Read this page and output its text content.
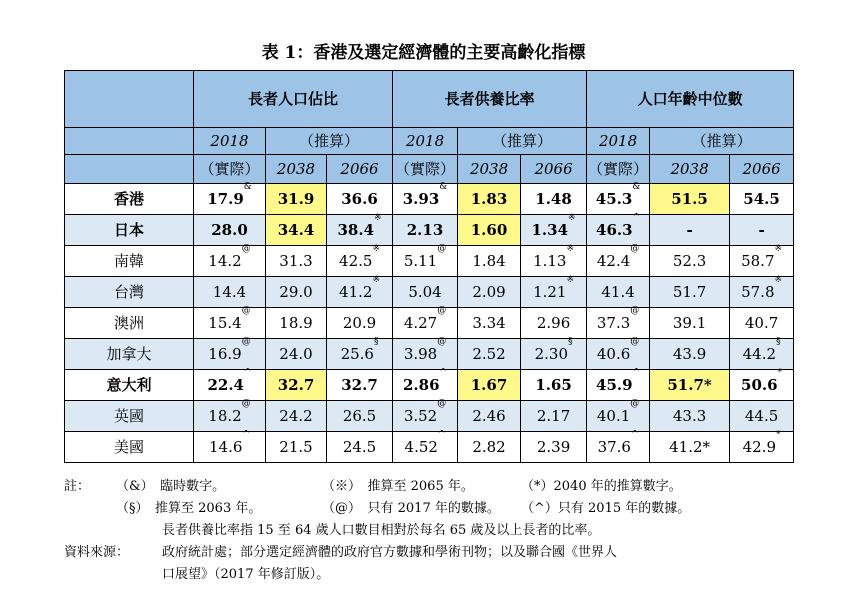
表 1：香港及選定經濟體的主要高齡化指標
	長者人口佔比			長者供養比率			人口年齡中位數		
	2018	（推算）		2018	（推算）		2018	（推算）	
	（實際）	2038	2066	（實際）	2038	2066	（實際）	2038	2066
香港	17.9&	31.9	36.6	3.93&	1.83	1.48	45.3&	51.5	54.5
日本	28.0	34.4	38.4※	2.13	1.60	1.34※	46.3^	-	-
南韓	14.2@	31.3	42.5※	5.11@	1.84	1.13※	42.4@	52.3	58.7※
台灣	14.4	29.0	41.2※	5.04	2.09	1.21※	41.4	51.7	57.8※
澳洲	15.4@	18.9	20.9	4.27@	3.34	2.96	37.3@	39.1	40.7
加拿大	16.9@	24.0	25.6§	3.98@	2.52	2.30§	40.6@	43.9	44.2§
意大利	22.4^	32.7	32.7	2.86^	1.67	1.65	45.9^	51.7*	50.6*
英國	18.2@	24.2	26.5	3.52@	2.46	2.17	40.1@	43.3	44.5
美國	14.6^	21.5	24.5	4.52^	2.82	2.39	37.6^	41.2*	42.9*
註： （&）　臨時數字。	（※）　推算至 2065 年。	（*）2040 年的推算數字。
（§）　推算至 2063 年。	（@）　只有 2017 年的數據。 （^）只有 2015 年的數據。
長者供養比率指 15 至 64 歲人口數目相對於每名 65 歲及以上長者的比率。
資料來源：	政府統計處；部分選定經濟體的政府官方數據和學術刊物；以及聯合國《世界人
口展望》（2017 年修訂版）。
